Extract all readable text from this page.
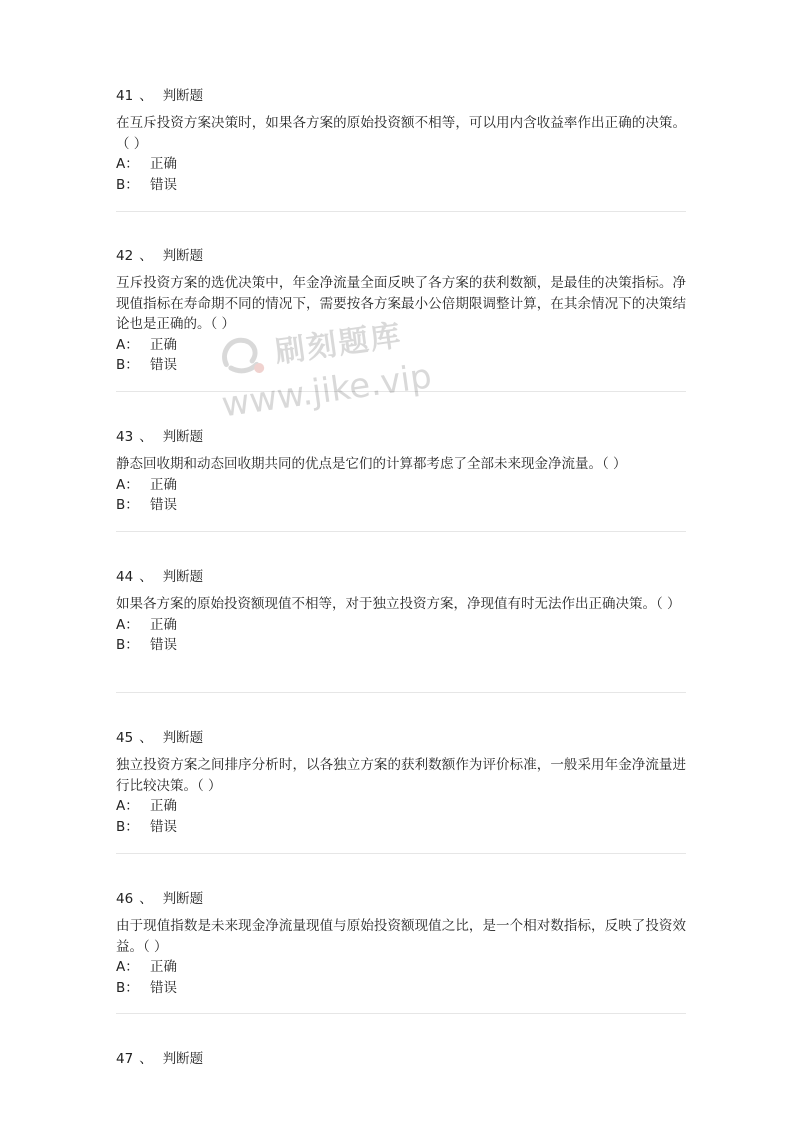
41 、 判断题

在互斥投资方案决策时，如果各方案的原始投资额不相等，可以用内含收益率作出正确的决策。（ ）

A： 正确

B： 错误

42 、 判断题

互斥投资方案的选优决策中，年金净流量全面反映了各方案的获利数额，是最佳的决策指标。净现值指标在寿命期不同的情况下，需要按各方案最小公倍期限调整计算，在其余情况下的决策结论也是正确的。（ ）

A： 正确

B： 错误

43 、 判断题

静态回收期和动态回收期共同的优点是它们的计算都考虑了全部未来现金净流量。（ ）

A： 正确

B： 错误

44 、 判断题

如果各方案的原始投资额现值不相等，对于独立投资方案，净现值有时无法作出正确决策。（ ）

A： 正确

B： 错误

45 、 判断题

独立投资方案之间排序分析时，以各独立方案的获利数额作为评价标准，一般采用年金净流量进行比较决策。（ ）

A： 正确

B： 错误

46 、 判断题

由于现值指数是未来现金净流量现值与原始投资额现值之比，是一个相对数指标，反映了投资效益。（ ）

A： 正确

B： 错误

47 、 判断题
刷刻题库
www.jike.vip
